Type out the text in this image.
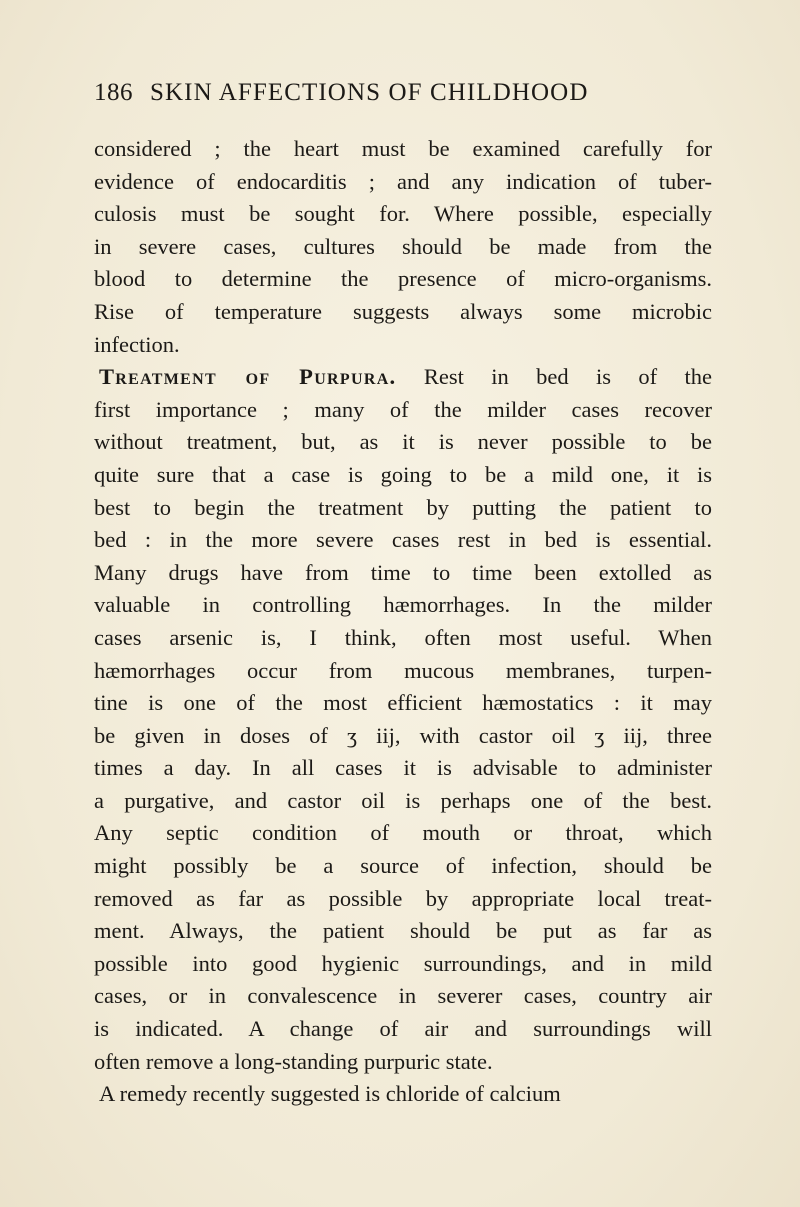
186 SKIN AFFECTIONS OF CHILDHOOD
considered ; the heart must be examined carefully for
evidence of endocarditis ; and any indication of tuber-
culosis must be sought for. Where possible, especially
in severe cases, cultures should be made from the
blood to determine the presence of micro-organisms.
Rise of temperature suggests always some microbic
infection.
Treatment of Purpura. Rest in bed is of the
first importance ; many of the milder cases recover
without treatment, but, as it is never possible to be
quite sure that a case is going to be a mild one, it is
best to begin the treatment by putting the patient to
bed : in the more severe cases rest in bed is essential.
Many drugs have from time to time been extolled as
valuable in controlling hæmorrhages. In the milder
cases arsenic is, I think, often most useful. When
hæmorrhages occur from mucous membranes, turpen-
tine is one of the most efficient hæmostatics : it may
be given in doses of ʒ iij, with castor oil ʒ iij, three
times a day. In all cases it is advisable to administer
a purgative, and castor oil is perhaps one of the best.
Any septic condition of mouth or throat, which
might possibly be a source of infection, should be
removed as far as possible by appropriate local treat-
ment. Always, the patient should be put as far as
possible into good hygienic surroundings, and in mild
cases, or in convalescence in severer cases, country air
is indicated. A change of air and surroundings will
often remove a long-standing purpuric state.
A remedy recently suggested is chloride of calcium
